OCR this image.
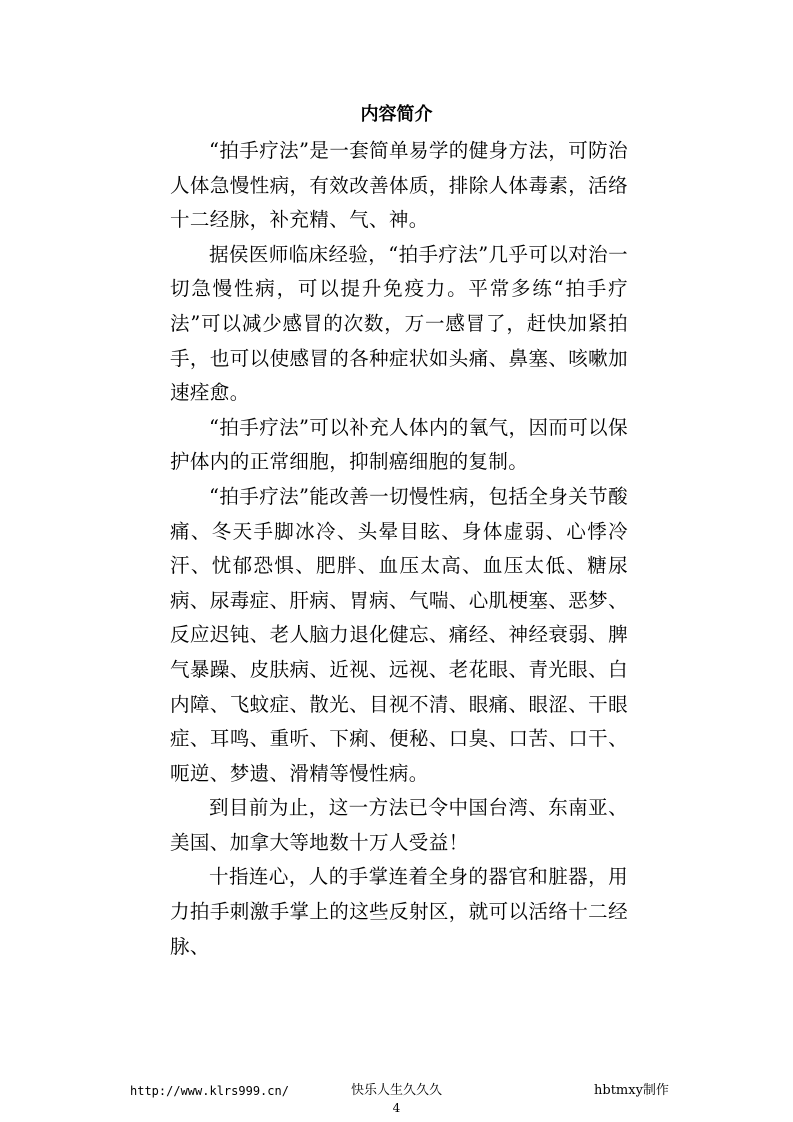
内容简介

“拍手疗法”是一套简单易学的健身方法，可防治人体急慢性病，有效改善体质，排除人体毒素，活络十二经脉，补充精、气、神。

据侯医师临床经验，“拍手疗法”几乎可以对治一切急慢性病，可以提升免疫力。平常多练“拍手疗法”可以减少感冒的次数，万一感冒了，赶快加紧拍手，也可以使感冒的各种症状如头痛、鼻塞、咳嗽加速痊愈。

“拍手疗法”可以补充人体内的氧气，因而可以保护体内的正常细胞，抑制癌细胞的复制。

“拍手疗法”能改善一切慢性病，包括全身关节酸痛、冬天手脚冰冷、头晕目眩、身体虚弱、心悸冷汗、忧郁恐惧、肥胖、血压太高、血压太低、糖尿病、尿毒症、肝病、胃病、气喘、心肌梗塞、恶梦、反应迟钝、老人脑力退化健忘、痛经、神经衰弱、脾气暴躁、皮肤病、近视、远视、老花眼、青光眼、白内障、飞蚊症、散光、目视不清、眼痛、眼涩、干眼症、耳鸣、重听、下痢、便秘、口臭、口苦、口干、呃逆、梦遗、滑精等慢性病。

到目前为止，这一方法已令中国台湾、东南亚、美国、加拿大等地数十万人受益！

十指连心，人的手掌连着全身的器官和脏器，用力拍手刺激手掌上的这些反射区，就可以活络十二经脉、

http://www.klrs999.cn/	快乐人生久久久	hbtmxy制作
4
